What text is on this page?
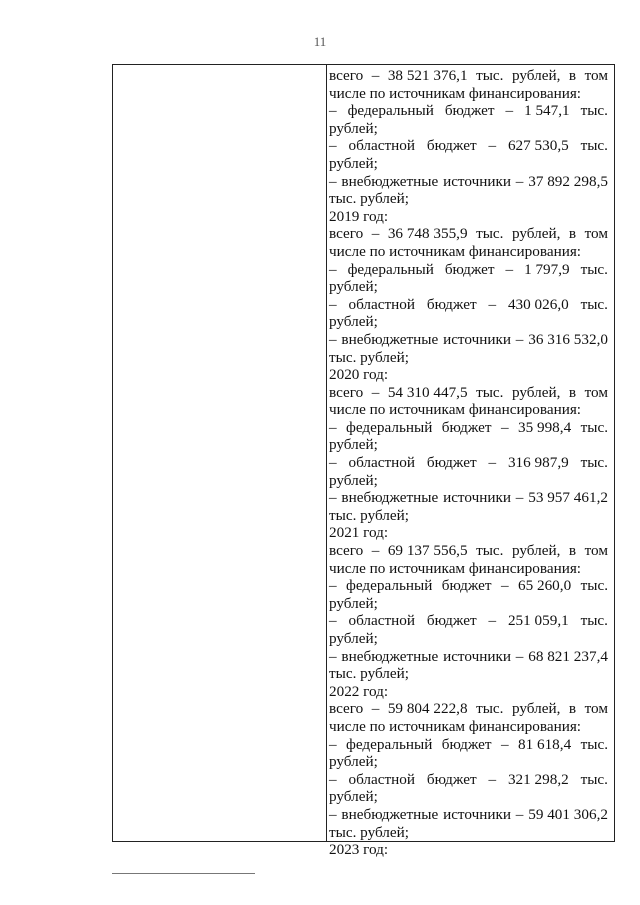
11
всего – 38 521 376,1 тыс. рублей, в том
числе по источникам финансирования:
– федеральный бюджет – 1 547,1 тыс.
рублей;
– областной бюджет – 627 530,5 тыс.
рублей;
– внебюджетные источники – 37 892 298,5
тыс. рублей;
2019 год:
всего – 36 748 355,9 тыс. рублей, в том
числе по источникам финансирования:
– федеральный бюджет – 1 797,9 тыс.
рублей;
– областной бюджет – 430 026,0 тыс.
рублей;
– внебюджетные источники – 36 316 532,0
тыс. рублей;
2020 год:
всего – 54 310 447,5 тыс. рублей, в том
числе по источникам финансирования:
– федеральный бюджет – 35 998,4 тыс.
рублей;
– областной бюджет – 316 987,9 тыс.
рублей;
– внебюджетные источники – 53 957 461,2
тыс. рублей;
2021 год:
всего – 69 137 556,5 тыс. рублей, в том
числе по источникам финансирования:
– федеральный бюджет – 65 260,0 тыс.
рублей;
– областной бюджет – 251 059,1 тыс.
рублей;
– внебюджетные источники – 68 821 237,4
тыс. рублей;
2022 год:
всего – 59 804 222,8 тыс. рублей, в том
числе по источникам финансирования:
– федеральный бюджет – 81 618,4 тыс.
рублей;
– областной бюджет – 321 298,2 тыс.
рублей;
– внебюджетные источники – 59 401 306,2
тыс. рублей;
2023 год:
